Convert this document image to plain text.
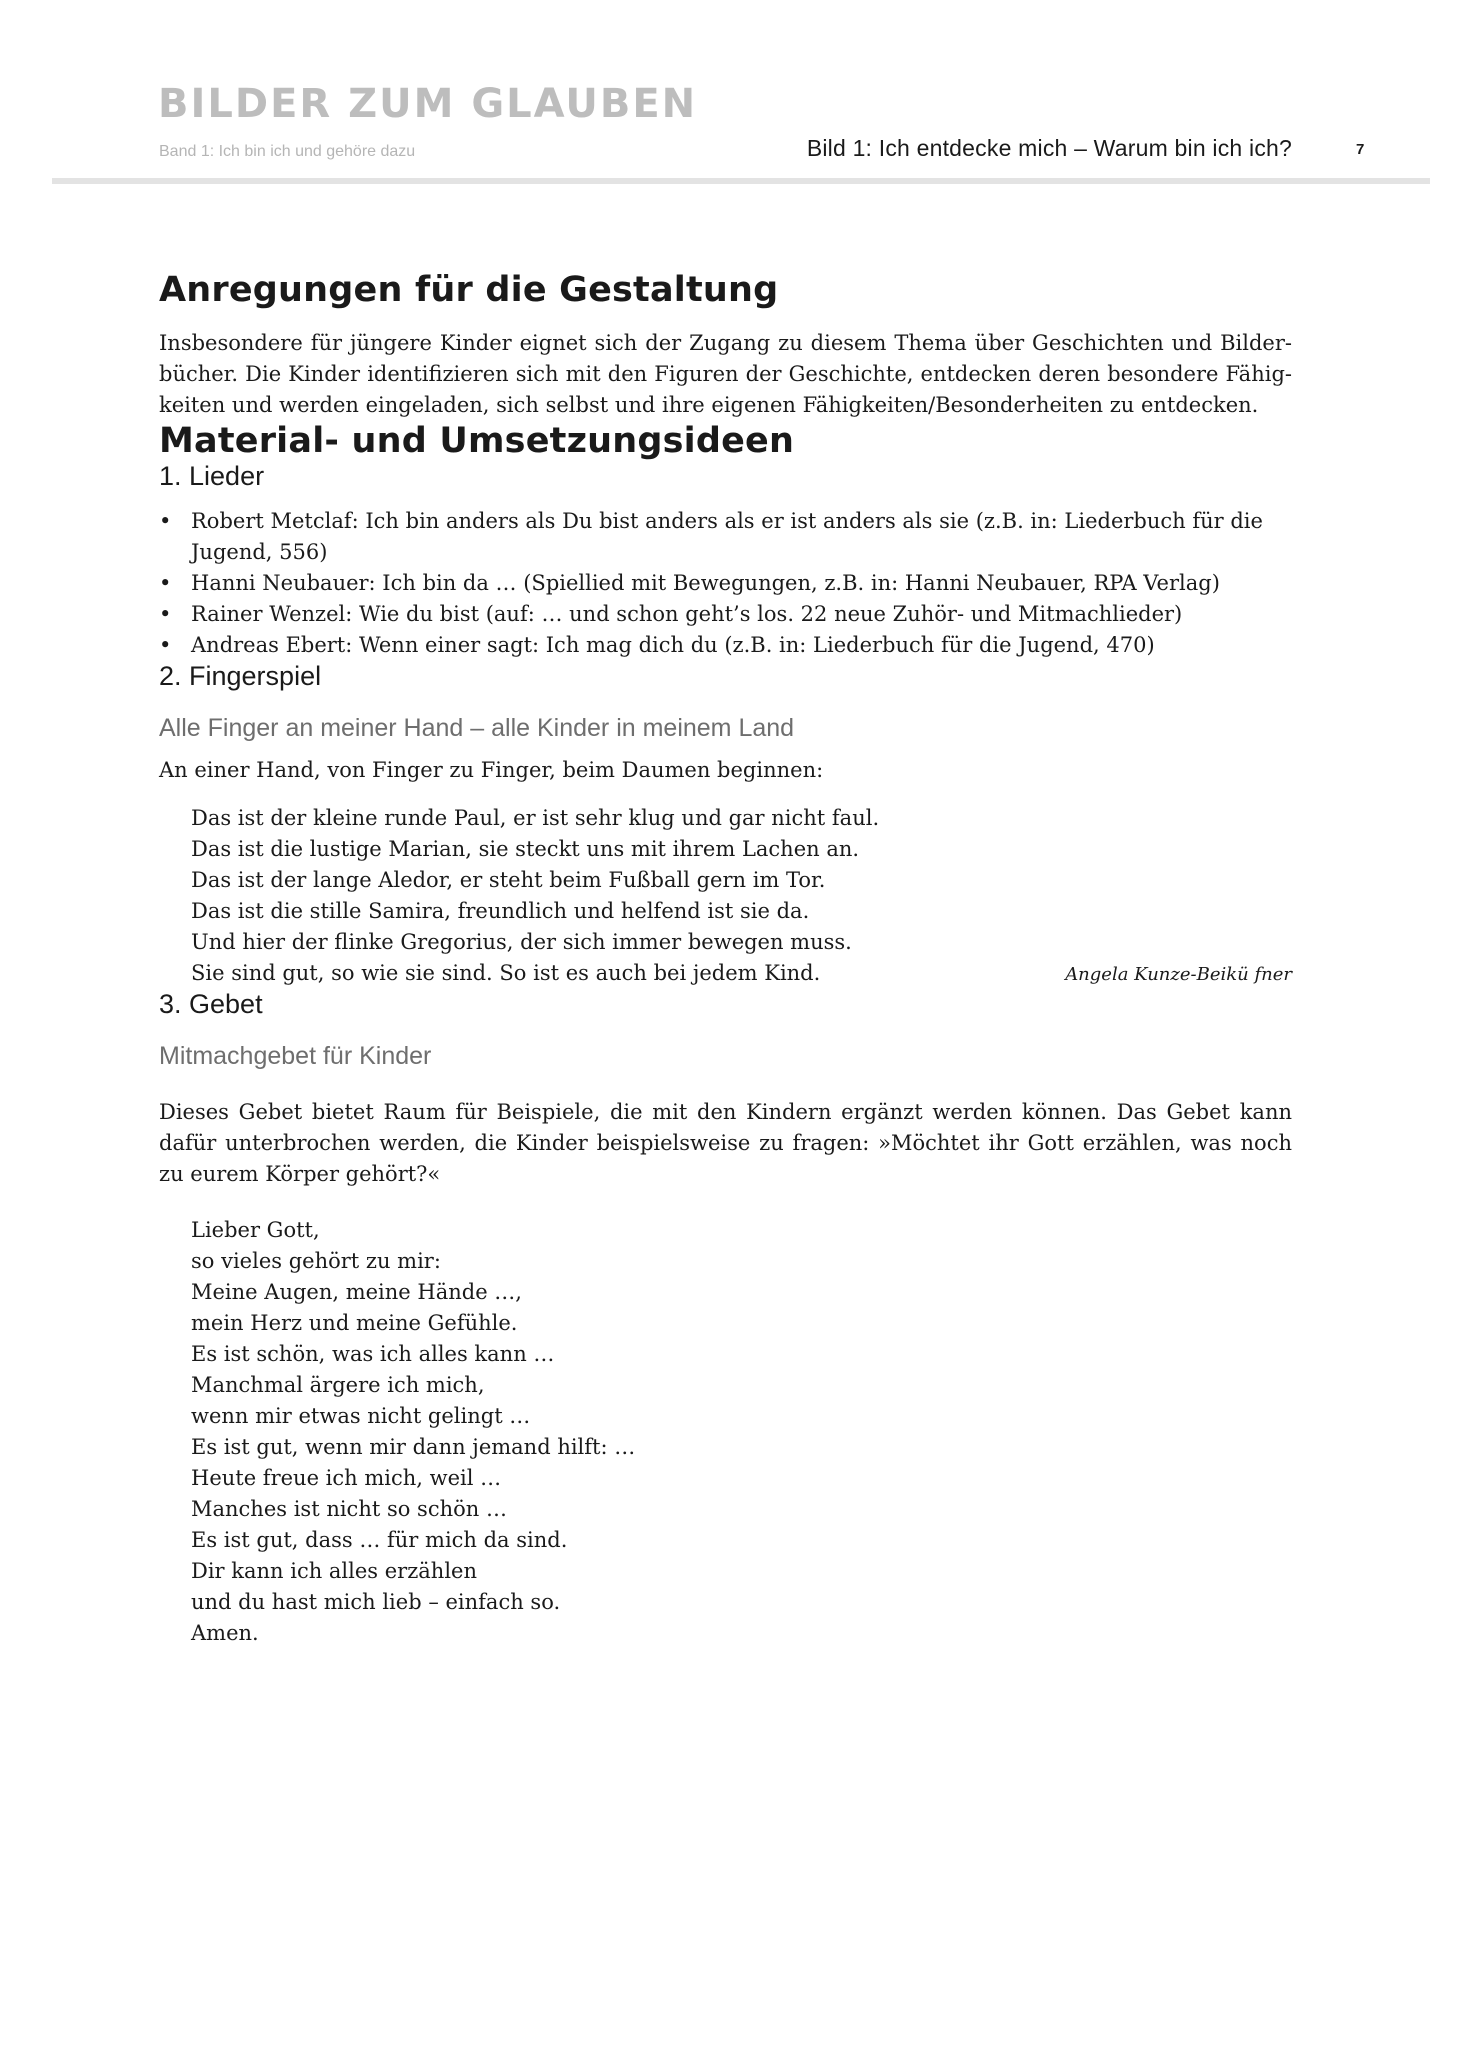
BILDER ZUM GLAUBEN
Band 1: Ich bin ich und gehöre dazu	Bild 1: Ich entdecke mich – Warum bin ich ich?	7
Anregungen für die Gestaltung

Insbesondere für jüngere Kinder eignet sich der Zugang zu diesem Thema über Geschichten und Bilderbücher. Die Kinder identifizieren sich mit den Figuren der Geschichte, entdecken deren besondere Fähigkeiten und werden eingeladen, sich selbst und ihre eigenen Fähigkeiten/Besonderheiten zu entdecken.

Material- und Umsetzungsideen
1. Lieder
• Robert Metclaf: Ich bin anders als Du bist anders als er ist anders als sie (z.B. in: Liederbuch für die Jugend, 556)
• Hanni Neubauer: Ich bin da … (Spiellied mit Bewegungen, z.B. in: Hanni Neubauer, RPA Verlag)
• Rainer Wenzel: Wie du bist (auf: … und schon geht’s los. 22 neue Zuhör- und Mitmachlieder)
• Andreas Ebert: Wenn einer sagt: Ich mag dich du (z.B. in: Liederbuch für die Jugend, 470)
2. Fingerspiel
Alle Finger an meiner Hand – alle Kinder in meinem Land

An einer Hand, von Finger zu Finger, beim Daumen beginnen:

Das ist der kleine runde Paul, er ist sehr klug und gar nicht faul.
Das ist die lustige Marian, sie steckt uns mit ihrem Lachen an.
Das ist der lange Aledor, er steht beim Fußball gern im Tor.
Das ist die stille Samira, freundlich und helfend ist sie da.
Und hier der flinke Gregorius, der sich immer bewegen muss.
Sie sind gut, so wie sie sind. So ist es auch bei jedem Kind.	Angela Kunze-Beikü fner
3. Gebet
Mitmachgebet für Kinder

Dieses Gebet bietet Raum für Beispiele, die mit den Kindern ergänzt werden können. Das Gebet kann dafür unterbrochen werden, die Kinder beispielsweise zu fragen: »Möchtet ihr Gott erzählen, was noch zu eurem Körper gehört?«

Lieber Gott,
so vieles gehört zu mir:
Meine Augen, meine Hände …,
mein Herz und meine Gefühle.
Es ist schön, was ich alles kann …
Manchmal ärgere ich mich,
wenn mir etwas nicht gelingt …
Es ist gut, wenn mir dann jemand hilft: …
Heute freue ich mich, weil …
Manches ist nicht so schön …
Es ist gut, dass … für mich da sind.
Dir kann ich alles erzählen
und du hast mich lieb – einfach so.
Amen.
